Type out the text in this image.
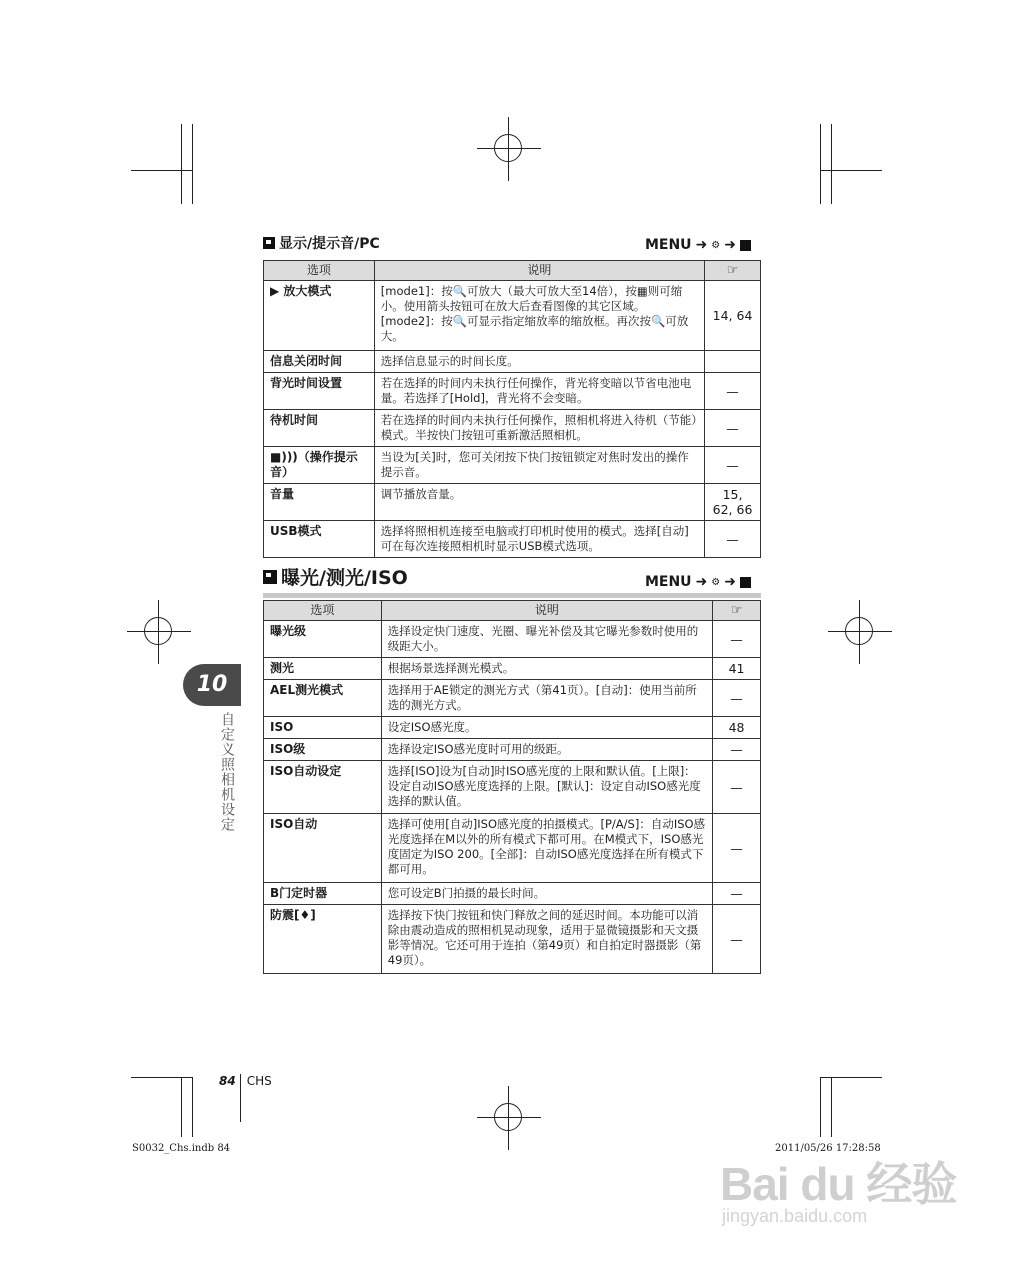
显示/提示音/PC	MENU ➜ ⚙ ➜
选项	说明	☞
▶ 放大模式	[mode1]：按🔍可放大（最大可放大至14倍），按▦则可缩小。使用箭头按钮可在放大后查看图像的其它区域。[mode2]：按🔍可显示指定缩放率的缩放框。再次按🔍可放大。	14, 64
信息关闭时间	选择信息显示的时间长度。	
背光时间设置	若在选择的时间内未执行任何操作，背光将变暗以节省电池电量。若选择了[Hold]，背光将不会变暗。	—
待机时间	若在选择的时间内未执行任何操作，照相机将进入待机（节能）模式。半按快门按钮可重新激活照相机。	—
■)))（操作提示音）	当设为[关]时，您可关闭按下快门按钮锁定对焦时发出的操作提示音。	—
音量	调节播放音量。	15, 62, 66
USB模式	选择将照相机连接至电脑或打印机时使用的模式。选择[自动]可在每次连接照相机时显示USB模式选项。	—
曝光/测光/ISO	MENU ➜ ⚙ ➜
选项	说明	☞
曝光级	选择设定快门速度、光圈、曝光补偿及其它曝光参数时使用的级距大小。	—
测光	根据场景选择测光模式。	41
AEL测光模式	选择用于AE锁定的测光方式（第41页）。[自动]：使用当前所选的测光方式。	—
ISO	设定ISO感光度。	48
ISO级	选择设定ISO感光度时可用的级距。	—
ISO自动设定	选择[ISO]设为[自动]时ISO感光度的上限和默认值。[上限]：设定自动ISO感光度选择的上限。[默认]：设定自动ISO感光度选择的默认值。	—
ISO自动	选择可使用[自动]ISO感光度的拍摄模式。[P/A/S]：自动ISO感光度选择在M以外的所有模式下都可用。在M模式下，ISO感光度固定为ISO 200。[全部]：自动ISO感光度选择在所有模式下都可用。	—
B门定时器	您可设定B门拍摄的最长时间。	—
防震[♦]	选择按下快门按钮和快门释放之间的延迟时间。本功能可以消除由震动造成的照相机晃动现象，适用于显微镜摄影和天文摄影等情况。它还可用于连拍（第49页）和自拍定时器摄影（第49页）。	—
10
自定义照相机设定
84 CHS
S0032_Chs.indb 84	2011/05/26 17:28:58
Bai du 经验
jingyan.baidu.com
